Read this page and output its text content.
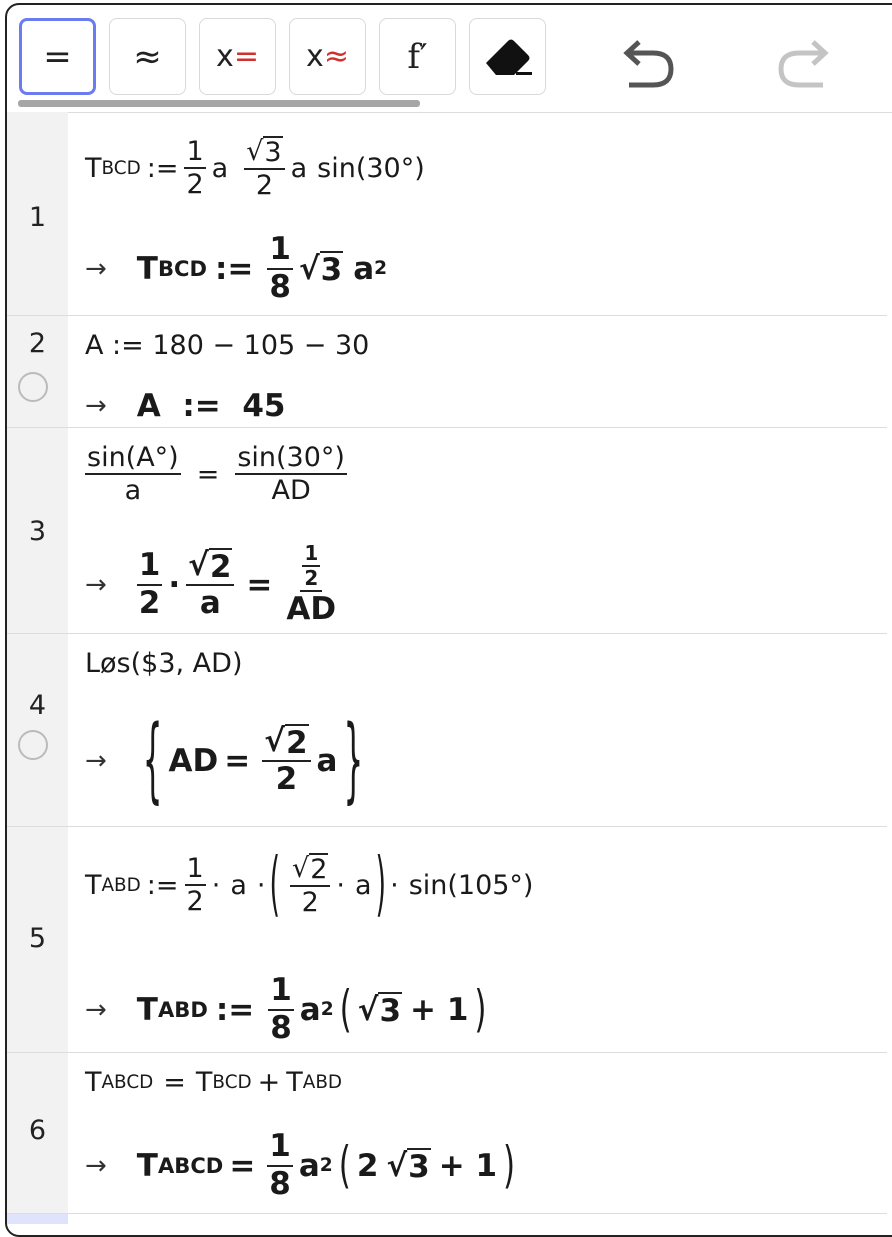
= ≈ x = x ≈ f′
1
T BCD := $\frac{1}{2}$ a $\frac{√ 3}{2}$ a sin(30°)
→ T BCD := $\frac{1}{8}$ √ 3 a 2
2	A := 180 − 105 − 30
→ A  :=  45
3
$\frac{\sin(A^\circ)}{a} = \frac{\sin(30^\circ)}{AD}$
→ $\frac{1}{2} \cdot \frac{√ 2}{a} = \frac{\frac{1}{2}}{AD}$
4
Løs($3, AD)
→ { AD = $\frac{√ 2}{2}$ a }
5
T ABD := $\frac{1}{2} \cdot a$ · ( $\frac{√ 2}{2} \cdot a$ ) · sin(105°)
→ T ABD := $\frac{1}{8}$ a 2 ( √ 3 + 1 )
6
T ABCD = T BCD + T ABD
→ T ABCD = $\frac{1}{8}$ a 2 ( 2 √ 3 + 1 )
